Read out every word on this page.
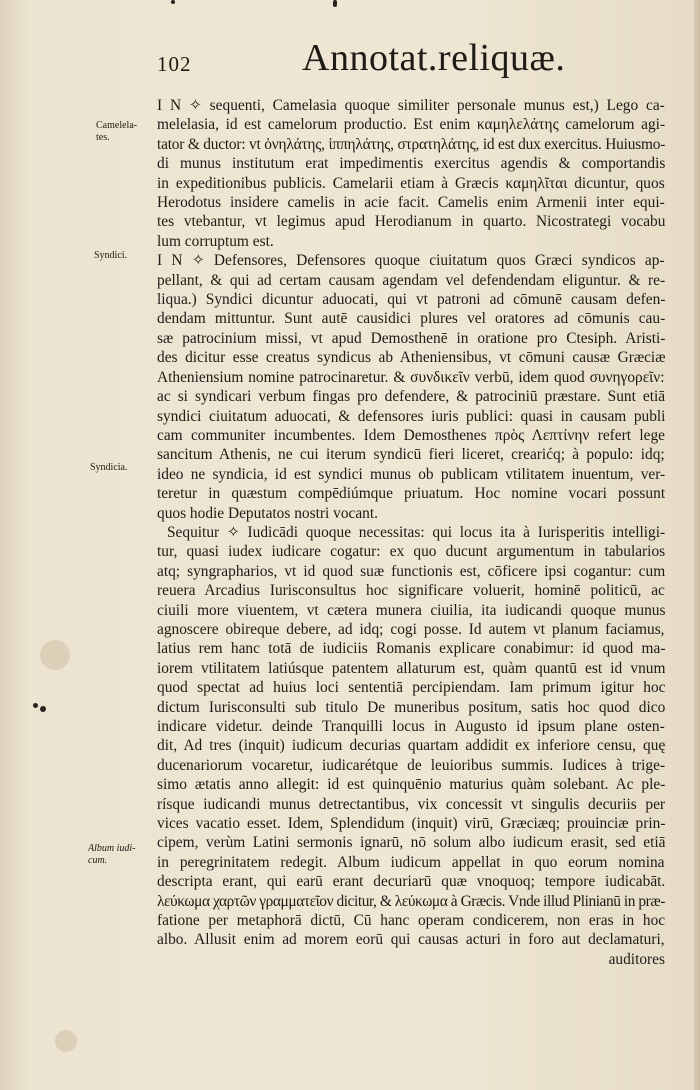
102	Annotat.reliquæ.
Camelela-
tes.
Syndici.
Syndicia.
Album iudi-
cum.

I N ✧ sequenti, Camelasia quoque similiter personale munus est,) Lego ca-
melelasia, id est camelorum productio. Est enim καμηλελάτης camelorum agi-
tator & ductor: vt ὀνηλάτης, ἱππηλάτης, στρατηλάτης, id est dux exercitus. Huiusmo-
di munus institutum erat impedimentis exercitus agendis & comportandis
in expeditionibus publicis. Camelarii etiam à Græcis καμηλῖται dicuntur, quos
Herodotus insidere camelis in acie facit. Camelis enim Armenii inter equi-
tes vtebantur, vt legimus apud Herodianum in quarto. Nicostrategi vocabu
lum corruptum est.

I N ✧ Defensores, Defensores quoque ciuitatum quos Græci syndicos ap-
pellant, & qui ad certam causam agendam vel defendendam eliguntur. & re-
liqua.) Syndici dicuntur aduocati, qui vt patroni ad cōmunē causam defen-
dendam mittuntur. Sunt autē causidici plures vel oratores ad cōmunis cau-
sæ patrocinium missi, vt apud Demosthenē in oratione pro Ctesiph. Aristi-
des dicitur esse creatus syndicus ab Atheniensibus, vt cōmuni causæ Græciæ
Atheniensium nomine patrocinaretur. & συνδικεῖν verbū, idem quod συνηγορεῖν:
ac si syndicari verbum fingas pro defendere, & patrociniū præstare. Sunt etiā
syndici ciuitatum aduocati, & defensores iuris publici: quasi in causam publi
cam communiter incumbentes. Idem Demosthenes πρὸς Λεπτίνην refert lege
sancitum Athenis, ne cui iterum syndicū fieri liceret, crearićq; à populo: idq;
ideo ne syndicia, id est syndici munus ob publicam vtilitatem inuentum, ver-
teretur in quæstum compēdiúmque priuatum. Hoc nomine vocari possunt
quos hodie Deputatos nostri vocant.

Sequitur ✧ Iudicādi quoque necessitas: qui locus ita à Iurisperitis intelligi-
tur, quasi iudex iudicare cogatur: ex quo ducunt argumentum in tabularios
atq; syngraphariοs, vt id quod suæ functionis est, cōficere ipsi cogantur: cum
reuera Arcadius Iurisconsultus hoc significare voluerit, hominē politicū, ac
ciuili more viuentem, vt cætera munera ciuilia, ita iudicandi quoque munus
agnoscere obireque debere, ad idq; cogi posse. Id autem vt planum faciamus,
latius rem hanc totā de iudiciis Romanis explicare conabimur: id quod ma-
iorem vtilitatem latiúsque patentem allaturum est, quàm quantū est id vnum
quod spectat ad huius loci sententiā percipiendam. Iam primum igitur hoc
dictum Iurisconsulti sub titulo De muneribus positum, satis hoc quod dico
indicare videtur. deinde Tranquilli locus in Augusto id ipsum plane osten-
dit, Ad tres (inquit) iudicum decurias quartam addidit ex inferiore censu, quę
ducenariorum vocaretur, iudicarétque de leuioribus summis. Iudices à trige-
simo ætatis anno allegit: id est quinquēnio maturius quàm solebant. Ac ple-
rísque iudicandi munus detrectantibus, vix concessit vt singulis decuriis per
vices vacatio esset. Idem, Splendidum (inquit) virū, Græciæq; prouinciæ prin-
cipem, verùm Latini sermonis ignarū, nō solum albo iudicum erasit, sed etiā
in peregrinitatem redegit. Album iudicum appellat in quo eorum nomina
descripta erant, qui earū erant decuriarū quæ vnoquoq; tempore iudicabāt.
λεύκωμα χαρτῶν γραμματεῖον dicitur, & λεύκωμα à Græcis. Vnde illud Plinianū in præ-
fatione per metaphorā dictū, Cū hanc operam condicerem, non eras in hoc
albo. Allusit enim ad morem eorū qui causas acturi in foro aut declamaturi,
auditores
